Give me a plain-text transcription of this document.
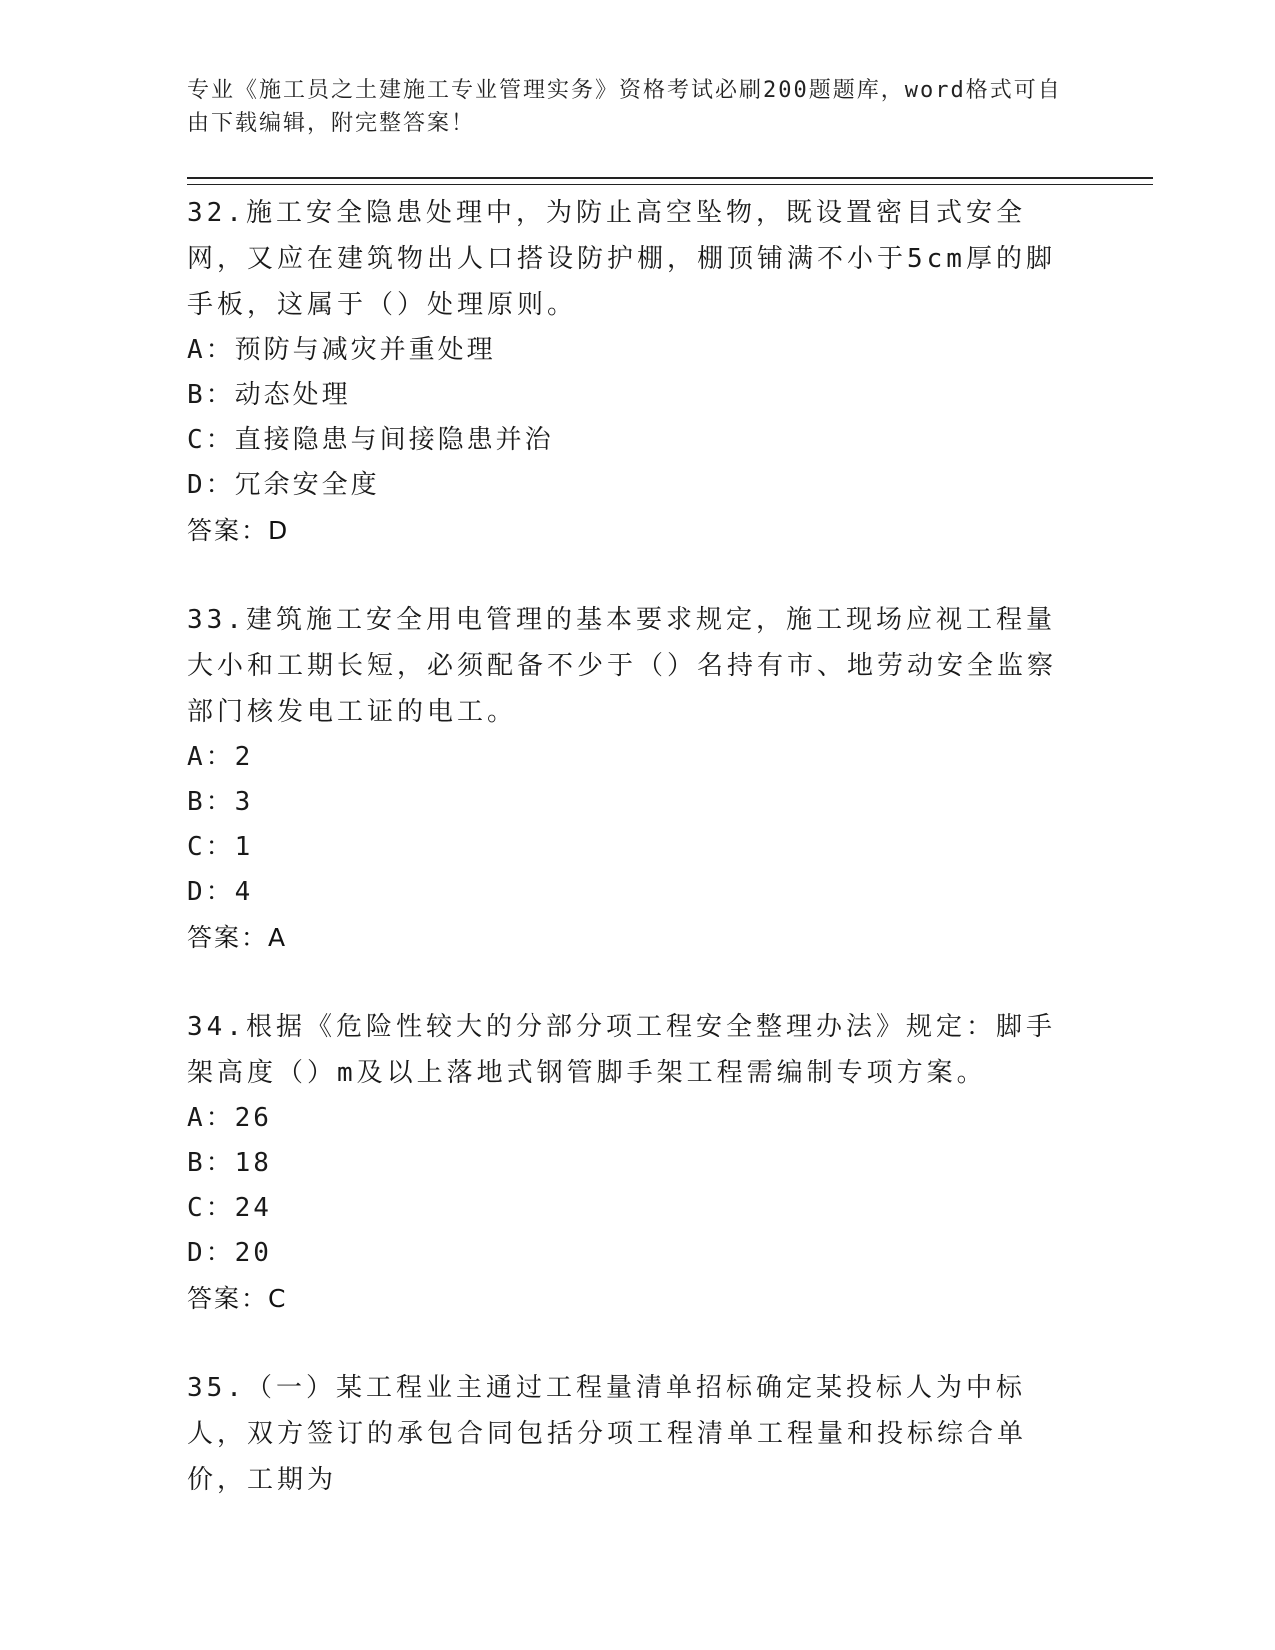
专业《施工员之土建施工专业管理实务》资格考试必刷200题题库，word格式可自由下载编辑，附完整答案！
32.施工安全隐患处理中，为防止高空坠物，既设置密目式安全网，又应在建筑物出人口搭设防护棚，棚顶铺满不小于5cm厚的脚手板，这属于（）处理原则。
A：预防与减灾并重处理
B：动态处理
C：直接隐患与间接隐患并治
D：冗余安全度
答案：D
33.建筑施工安全用电管理的基本要求规定，施工现场应视工程量大小和工期长短，必须配备不少于（）名持有市、地劳动安全监察部门核发电工证的电工。
A：2
B：3
C：1
D：4
答案：A
34.根据《危险性较大的分部分项工程安全整理办法》规定：脚手架高度（）m及以上落地式钢管脚手架工程需编制专项方案。
A：26
B：18
C：24
D：20
答案：C
35.（一）某工程业主通过工程量清单招标确定某投标人为中标人，双方签订的承包合同包括分项工程清单工程量和投标综合单价，工期为
